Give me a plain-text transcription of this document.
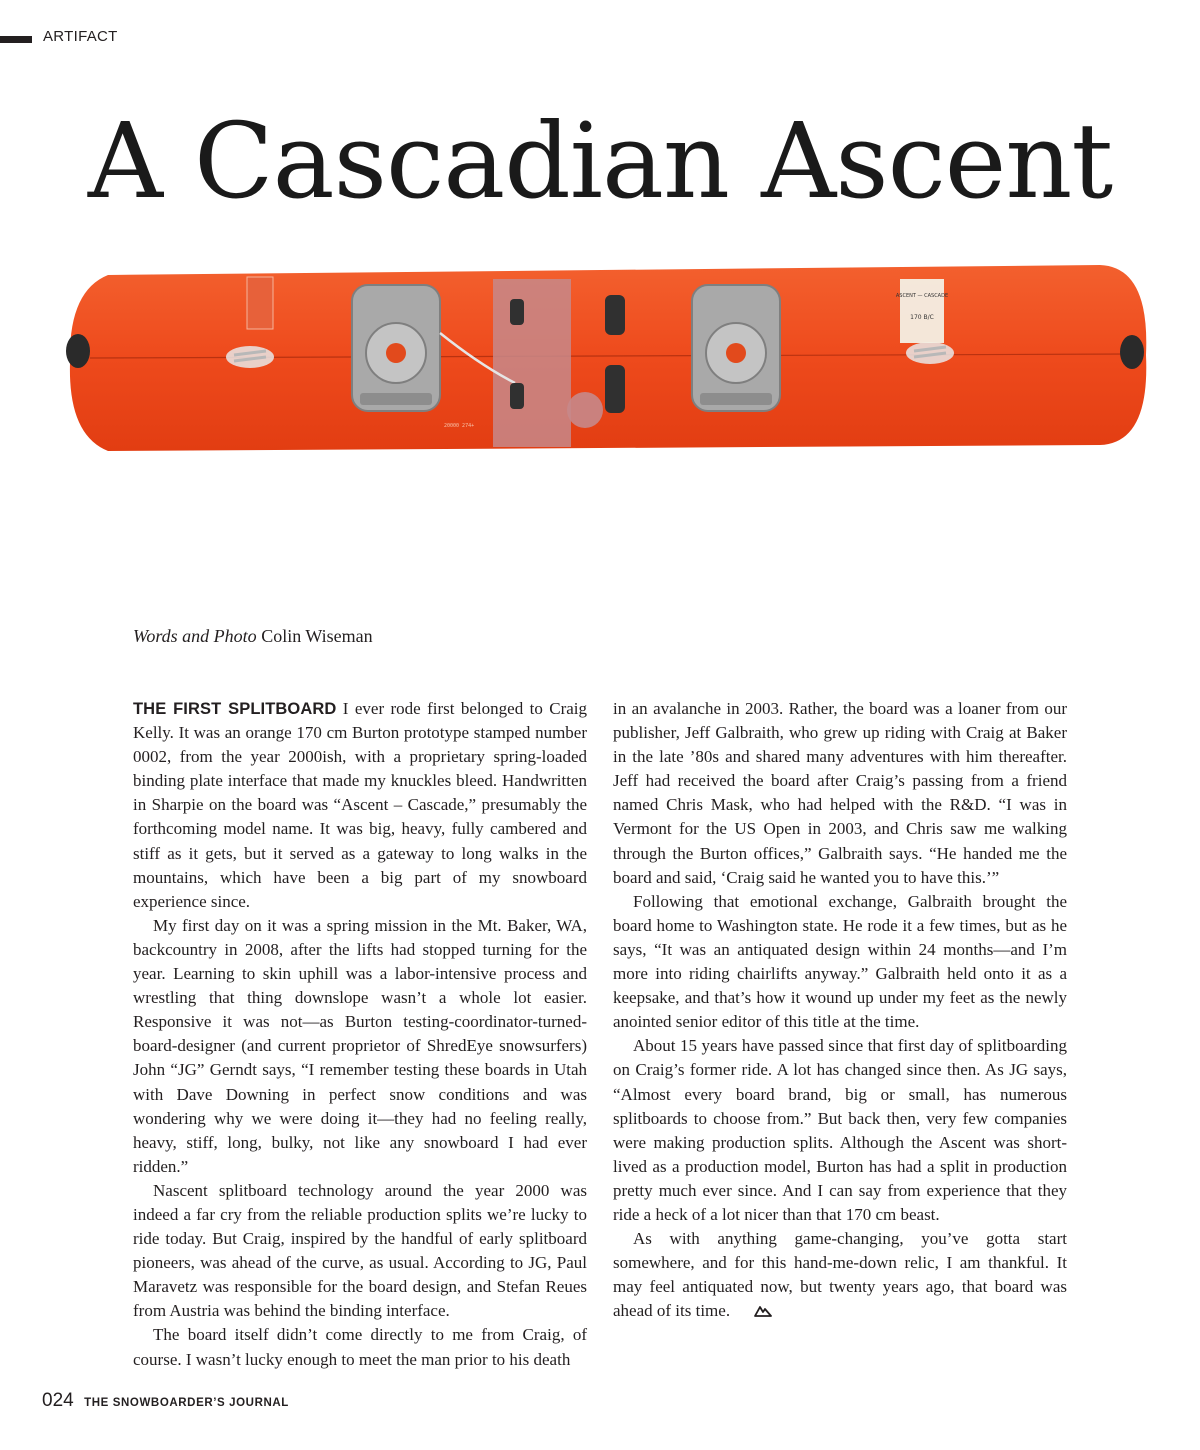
ARTIFACT
A Cascadian Ascent
ASCENT — CASCADE
170 B/C
20000 274+
Words and Photo Colin Wiseman

THE FIRST SPLITBOARD I ever rode first belonged to Craig Kelly. It was an orange 170 cm Burton prototype stamped number 0002, from the year 2000ish, with a proprietary spring-loaded binding plate interface that made my knuckles bleed. Handwritten in Sharpie on the board was “Ascent – Cascade,” presumably the forthcoming model name. It was big, heavy, fully cambered and stiff as it gets, but it served as a gateway to long walks in the mountains, which have been a big part of my snowboard experience since.

My first day on it was a spring mission in the Mt. Baker, WA, backcountry in 2008, after the lifts had stopped turning for the year. Learning to skin uphill was a labor-intensive process and wrestling that thing downslope wasn’t a whole lot easier. Responsive it was not—as Burton testing-coordinator-turned-board-designer (and current proprietor of ShredEye snowsurfers) John “JG” Gerndt says, “I remember testing these boards in Utah with Dave Downing in perfect snow conditions and was wondering why we were doing it—they had no feeling really, heavy, stiff, long, bulky, not like any snowboard I had ever ridden.”

Nascent splitboard technology around the year 2000 was indeed a far cry from the reliable production splits we’re lucky to ride today. But Craig, inspired by the handful of early splitboard pioneers, was ahead of the curve, as usual. According to JG, Paul Maravetz was responsible for the board design, and Stefan Reues from Austria was behind the binding interface.

The board itself didn’t come directly to me from Craig, of course. I wasn’t lucky enough to meet the man prior to his death

in an avalanche in 2003. Rather, the board was a loaner from our publisher, Jeff Galbraith, who grew up riding with Craig at Baker in the late ’80s and shared many adventures with him thereafter. Jeff had received the board after Craig’s passing from a friend named Chris Mask, who had helped with the R&D. “I was in Vermont for the US Open in 2003, and Chris saw me walking through the Burton offices,” Galbraith says. “He handed me the board and said, ‘Craig said he wanted you to have this.’”

Following that emotional exchange, Galbraith brought the board home to Washington state. He rode it a few times, but as he says, “It was an antiquated design within 24 months—and I’m more into riding chairlifts anyway.” Galbraith held onto it as a keepsake, and that’s how it wound up under my feet as the newly anointed senior editor of this title at the time.

About 15 years have passed since that first day of splitboarding on Craig’s former ride. A lot has changed since then. As JG says, “Almost every board brand, big or small, has numerous splitboards to choose from.” But back then, very few companies were making production splits. Although the Ascent was short-lived as a production model, Burton has had a split in production pretty much ever since. And I can say from experience that they ride a heck of a lot nicer than that 170 cm beast.

As with anything game-changing, you’ve gotta start somewhere, and for this hand-me-down relic, I am thankful. It may feel antiquated now, but twenty years ago, that board was ahead of its time.

024 THE SNOWBOARDER’S JOURNAL
